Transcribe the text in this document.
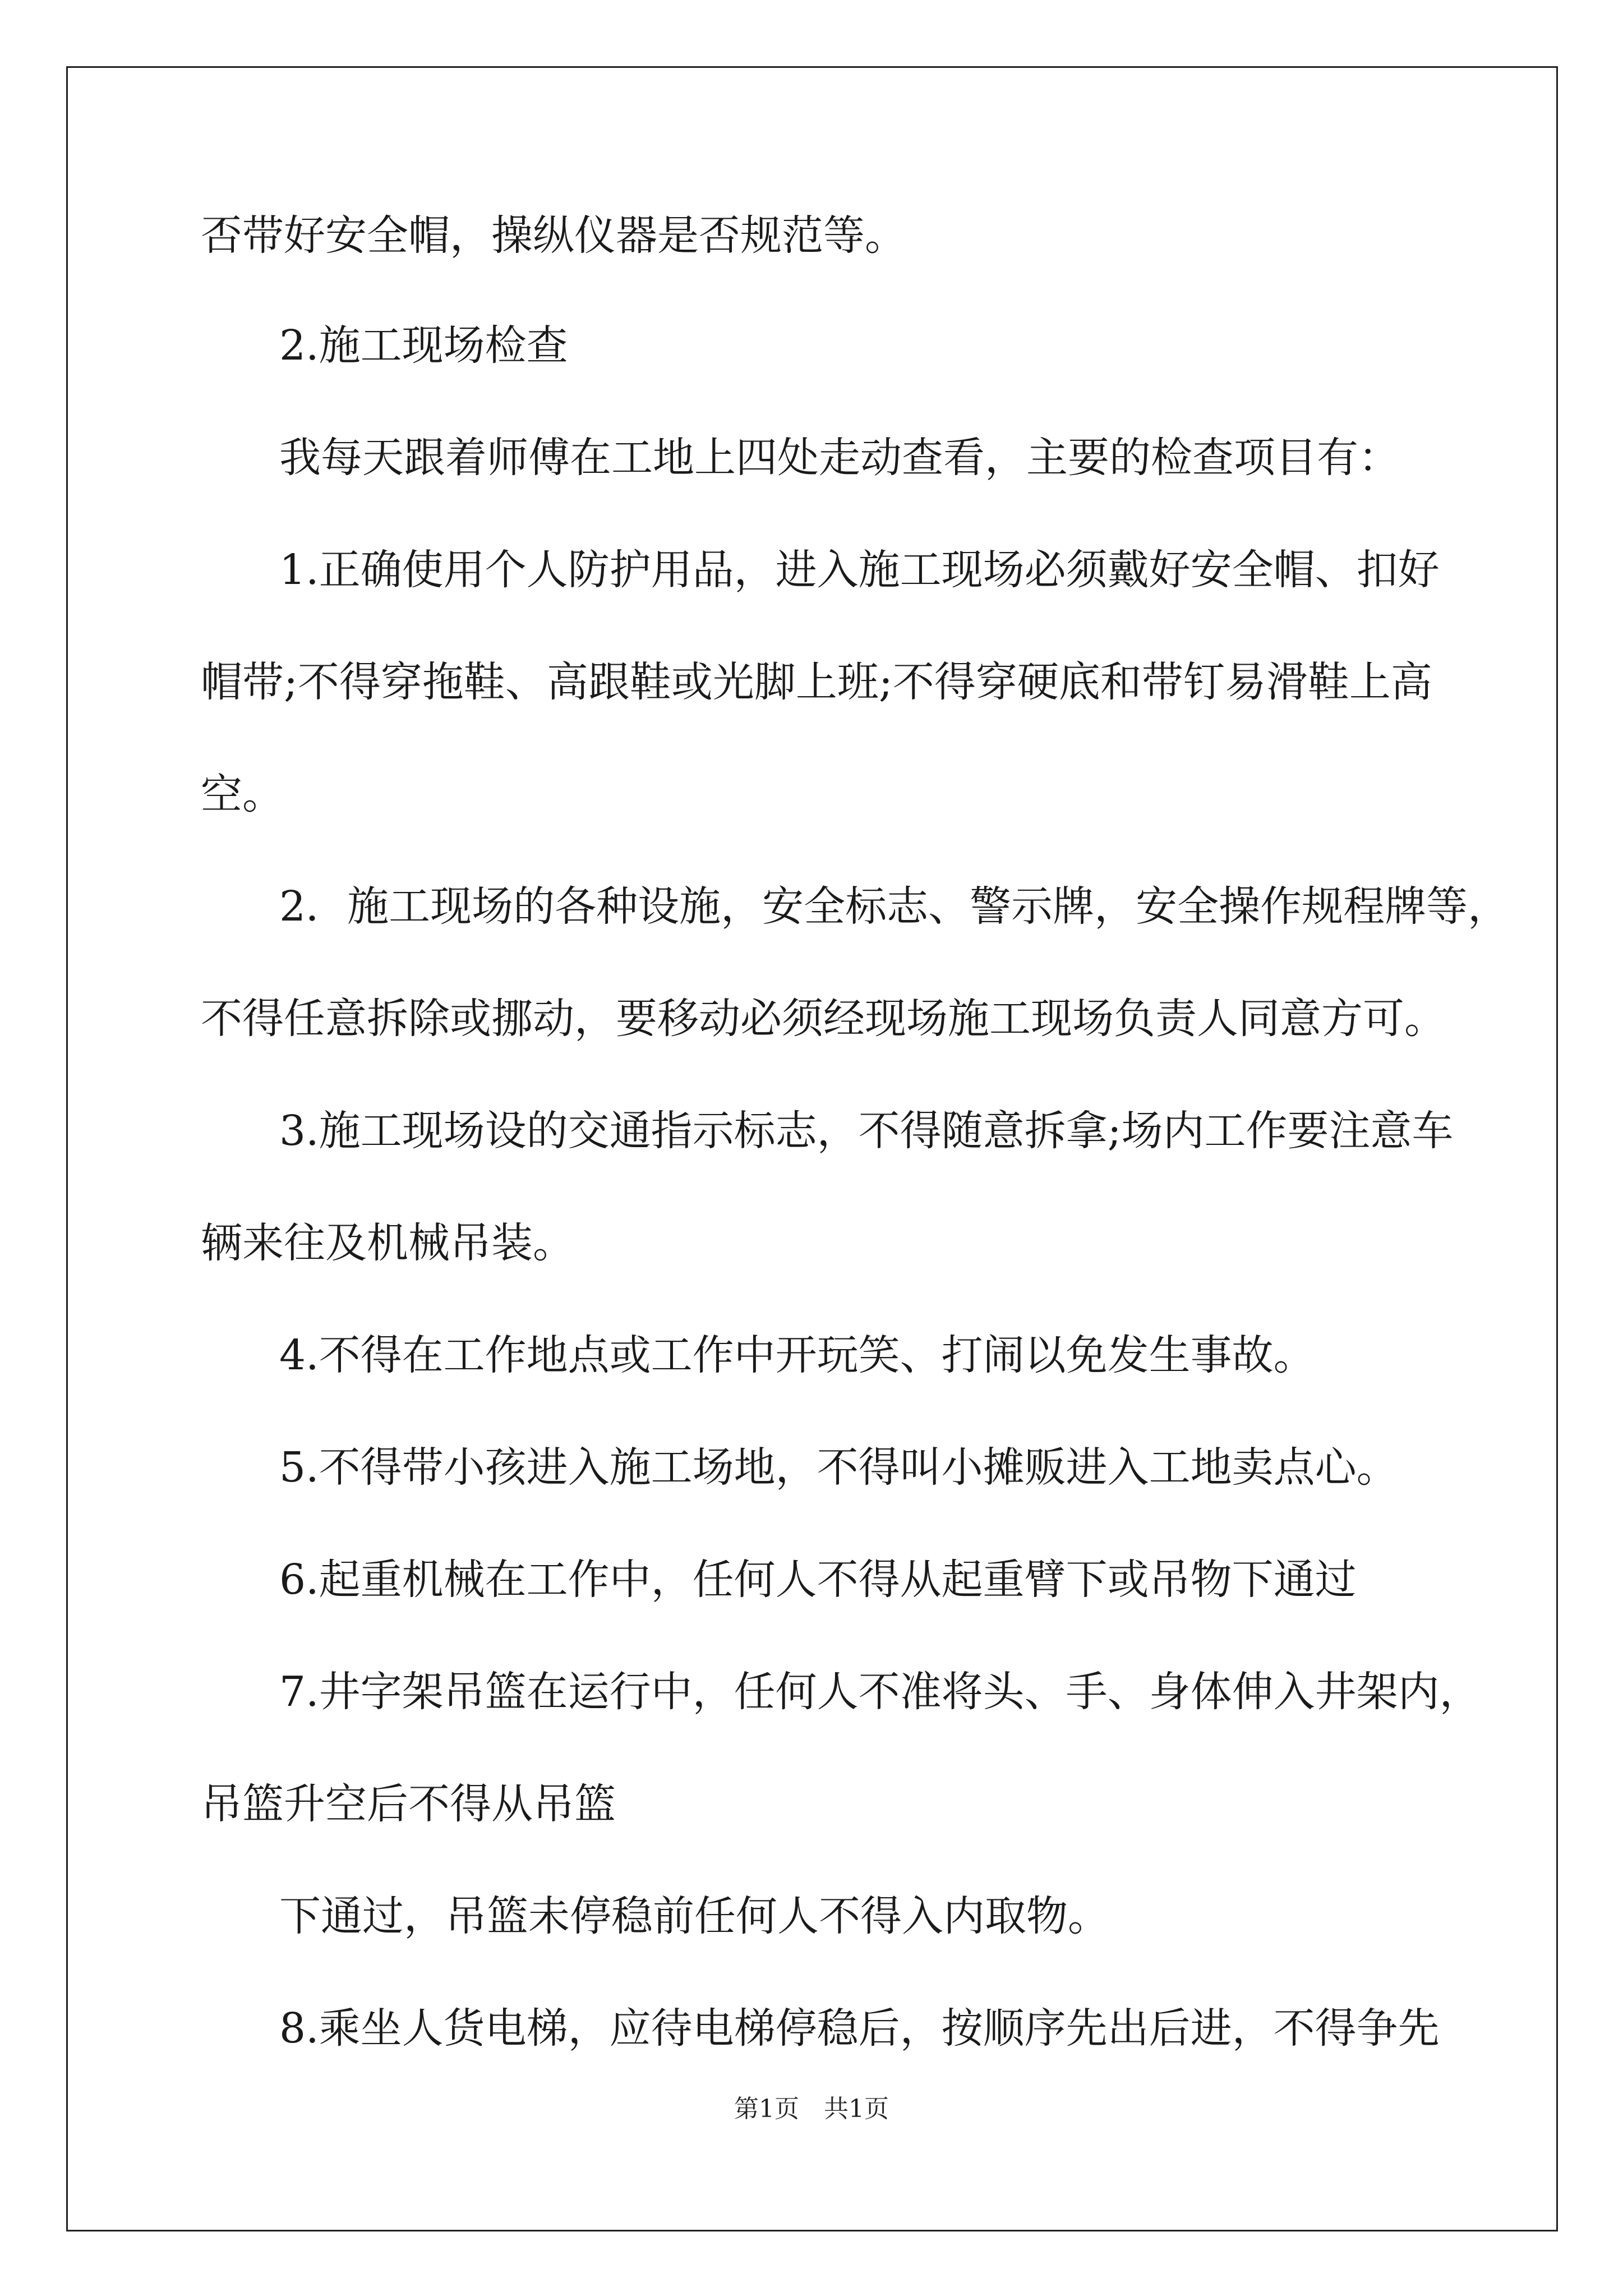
否带好安全帽，操纵仪器是否规范等。
2.施工现场检查
我每天跟着师傅在工地上四处走动查看，主要的检查项目有：
1.正确使用个人防护用品，进入施工现场必须戴好安全帽、扣好
帽带;不得穿拖鞋、高跟鞋或光脚上班;不得穿硬底和带钉易滑鞋上高
空。
2．施工现场的各种设施，安全标志、警示牌，安全操作规程牌等，
不得任意拆除或挪动，要移动必须经现场施工现场负责人同意方可。
3.施工现场设的交通指示标志，不得随意拆拿;场内工作要注意车
辆来往及机械吊装。
4.不得在工作地点或工作中开玩笑、打闹以免发生事故。
5.不得带小孩进入施工场地，不得叫小摊贩进入工地卖点心。
6.起重机械在工作中，任何人不得从起重臂下或吊物下通过
7.井字架吊篮在运行中，任何人不准将头、手、身体伸入井架内，
吊篮升空后不得从吊篮
下通过，吊篮未停稳前任何人不得入内取物。
8.乘坐人货电梯，应待电梯停稳后，按顺序先出后进，不得争先
第1页　共1页
